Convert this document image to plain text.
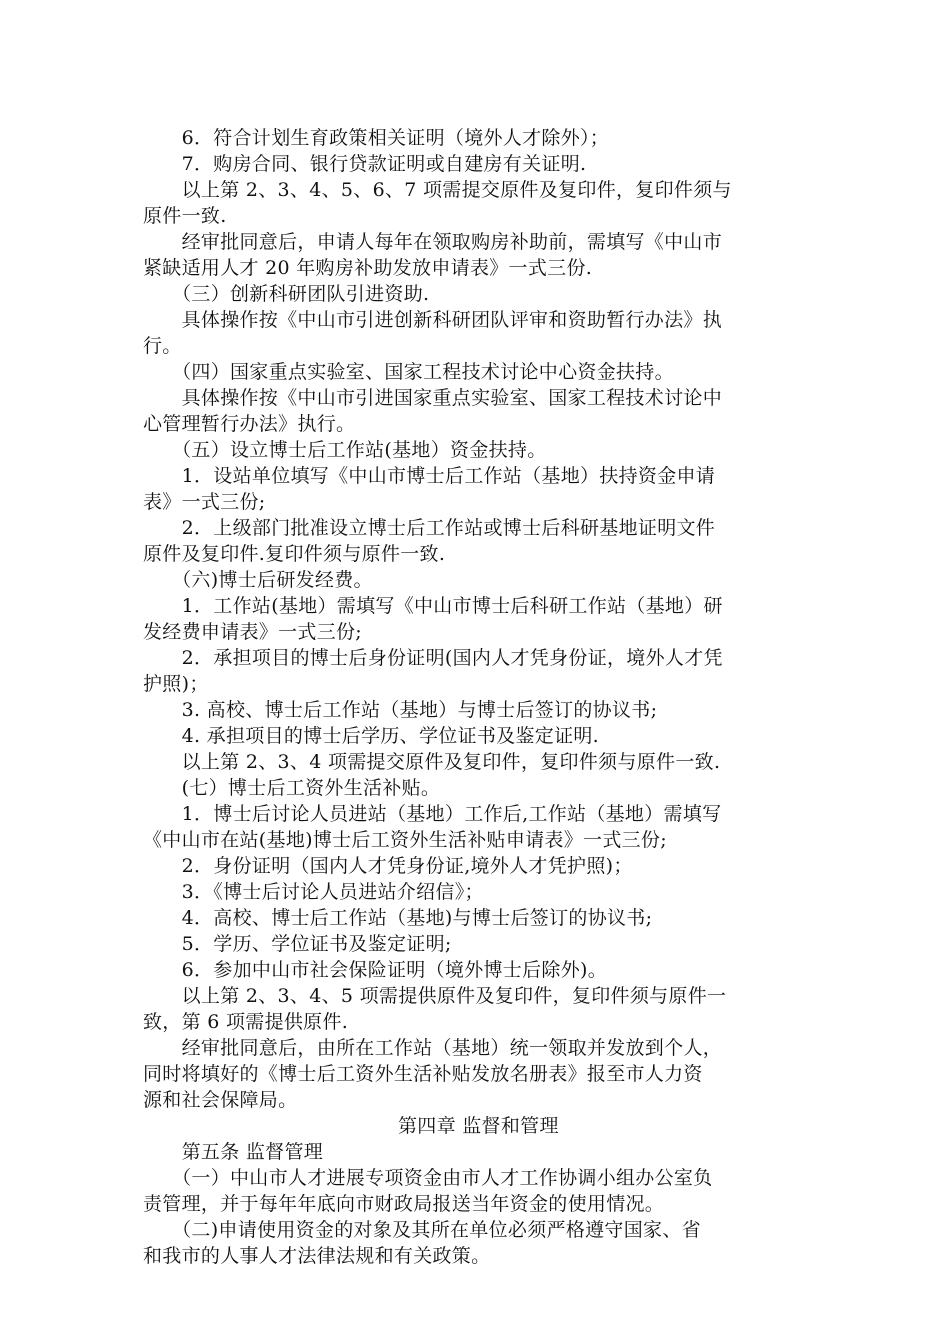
　　6．符合计划生育政策相关证明（境外人才除外）；
　　7．购房合同、银行贷款证明或自建房有关证明.
　　以上第 2、3、4、5、6、7 项需提交原件及复印件，复印件须与
原件一致.
　　经审批同意后，申请人每年在领取购房补助前，需填写《中山市
紧缺适用人才 20 年购房补助发放申请表》一式三份.
　　（三）创新科研团队引进资助.
　　具体操作按《中山市引进创新科研团队评审和资助暂行办法》执
行。
　　（四）国家重点实验室、国家工程技术讨论中心资金扶持。
　　具体操作按《中山市引进国家重点实验室、国家工程技术讨论中
心管理暂行办法》执行。
　　（五）设立博士后工作站(基地）资金扶持。
　　1．设站单位填写《中山市博士后工作站（基地）扶持资金申请
表》一式三份;
　　2．上级部门批准设立博士后工作站或博士后科研基地证明文件
原件及复印件.复印件须与原件一致.
　　（六)博士后研发经费。
　　1．工作站(基地）需填写《中山市博士后科研工作站（基地）研
发经费申请表》一式三份;
　　2．承担项目的博士后身份证明(国内人才凭身份证，境外人才凭
护照)；
　　3. 高校、博士后工作站（基地）与博士后签订的协议书;
　　4. 承担项目的博士后学历、学位证书及鉴定证明.
　　以上第 2、3、4 项需提交原件及复印件，复印件须与原件一致.
　　(七）博士后工资外生活补贴。
　　1．博士后讨论人员进站（基地）工作后,工作站（基地）需填写
《中山市在站(基地)博士后工资外生活补贴申请表》一式三份;
　　2．身份证明（国内人才凭身份证,境外人才凭护照)；
　　3．《博士后讨论人员进站介绍信》；
　　4．高校、博士后工作站（基地)与博士后签订的协议书;
　　5．学历、学位证书及鉴定证明;
　　6．参加中山市社会保险证明（境外博士后除外)。
　　以上第 2、3、4、5 项需提供原件及复印件，复印件须与原件一
致，第 6 项需提供原件.
　　经审批同意后，由所在工作站（基地）统一领取并发放到个人，
同时将填好的《博士后工资外生活补贴发放名册表》报至市人力资
源和社会保障局。
第四章 监督和管理
　　第五条 监督管理
　　（一）中山市人才进展专项资金由市人才工作协调小组办公室负
责管理，并于每年年底向市财政局报送当年资金的使用情况。
　　（二)申请使用资金的对象及其所在单位必须严格遵守国家、省
和我市的人事人才法律法规和有关政策。
